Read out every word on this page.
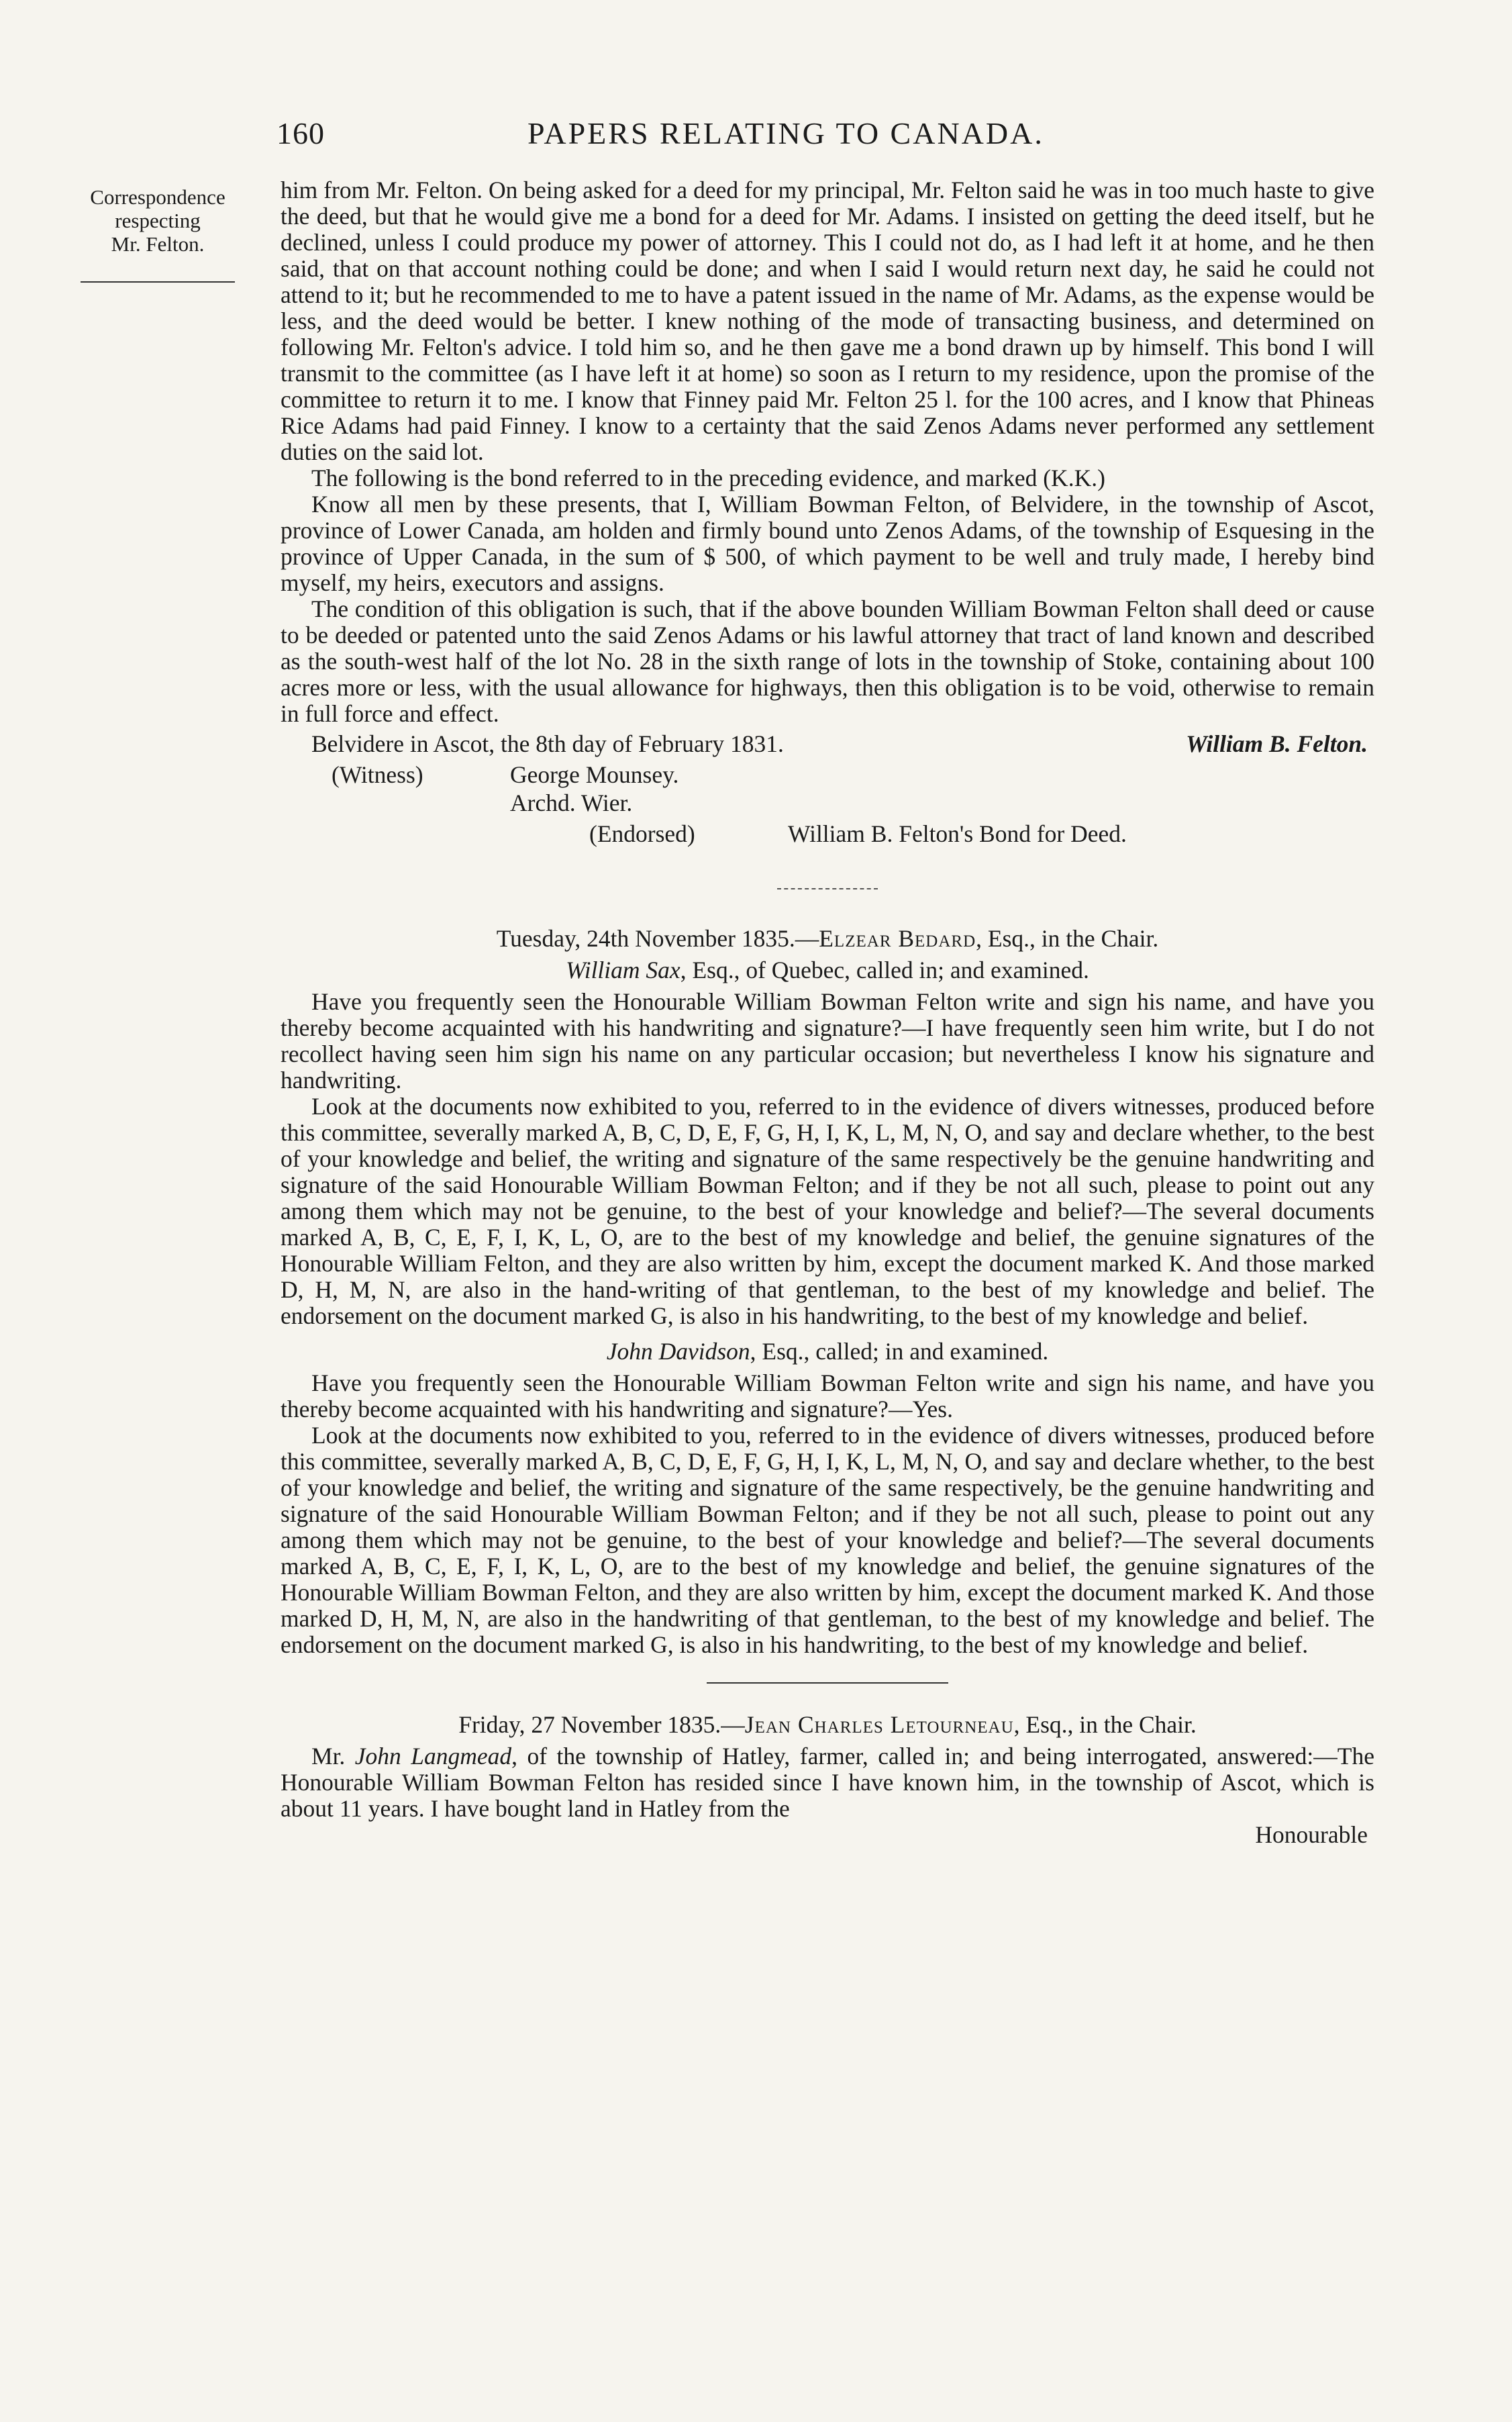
160	PAPERS RELATING TO CANADA.
Correspondence
respecting
Mr. Felton.

him from Mr. Felton. On being asked for a deed for my principal, Mr. Felton said he was in too much haste to give the deed, but that he would give me a bond for a deed for Mr. Adams. I insisted on getting the deed itself, but he declined, unless I could produce my power of attorney. This I could not do, as I had left it at home, and he then said, that on that account nothing could be done; and when I said I would return next day, he said he could not attend to it; but he recommended to me to have a patent issued in the name of Mr. Adams, as the expense would be less, and the deed would be better. I knew nothing of the mode of transacting business, and determined on following Mr. Felton's advice. I told him so, and he then gave me a bond drawn up by himself. This bond I will transmit to the committee (as I have left it at home) so soon as I return to my residence, upon the promise of the committee to return it to me. I know that Finney paid Mr. Felton 25 l. for the 100 acres, and I know that Phineas Rice Adams had paid Finney. I know to a certainty that the said Zenos Adams never performed any settlement duties on the said lot.

The following is the bond referred to in the preceding evidence, and marked (K.K.)

Know all men by these presents, that I, William Bowman Felton, of Belvidere, in the township of Ascot, province of Lower Canada, am holden and firmly bound unto Zenos Adams, of the township of Esquesing in the province of Upper Canada, in the sum of $ 500, of which payment to be well and truly made, I hereby bind myself, my heirs, executors and assigns.

The condition of this obligation is such, that if the above bounden William Bowman Felton shall deed or cause to be deeded or patented unto the said Zenos Adams or his lawful attorney that tract of land known and described as the south-west half of the lot No. 28 in the sixth range of lots in the township of Stoke, containing about 100 acres more or less, with the usual allowance for highways, then this obligation is to be void, otherwise to remain in full force and effect.

Belvidere in Ascot, the 8th day of February 1831.	William B. Felton.
(Witness)	George Mounsey.
Archd. Wier.
(Endorsed)	William B. Felton's Bond for Deed.
Tuesday, 24th November 1835.—Elzear Bedard, Esq., in the Chair.
William Sax, Esq., of Quebec, called in; and examined.

Have you frequently seen the Honourable William Bowman Felton write and sign his name, and have you thereby become acquainted with his handwriting and signature?—I have frequently seen him write, but I do not recollect having seen him sign his name on any particular occasion; but nevertheless I know his signature and handwriting.

Look at the documents now exhibited to you, referred to in the evidence of divers witnesses, produced before this committee, severally marked A, B, C, D, E, F, G, H, I, K, L, M, N, O, and say and declare whether, to the best of your knowledge and belief, the writing and signature of the same respectively be the genuine handwriting and signature of the said Honourable William Bowman Felton; and if they be not all such, please to point out any among them which may not be genuine, to the best of your knowledge and belief?—The several documents marked A, B, C, E, F, I, K, L, O, are to the best of my knowledge and belief, the genuine signatures of the Honourable William Felton, and they are also written by him, except the document marked K. And those marked D, H, M, N, are also in the hand-writing of that gentleman, to the best of my knowledge and belief. The endorsement on the document marked G, is also in his handwriting, to the best of my knowledge and belief.

John Davidson, Esq., called; in and examined.

Have you frequently seen the Honourable William Bowman Felton write and sign his name, and have you thereby become acquainted with his handwriting and signature?—Yes.

Look at the documents now exhibited to you, referred to in the evidence of divers witnesses, produced before this committee, severally marked A, B, C, D, E, F, G, H, I, K, L, M, N, O, and say and declare whether, to the best of your knowledge and belief, the writing and signature of the same respectively, be the genuine handwriting and signature of the said Honourable William Bowman Felton; and if they be not all such, please to point out any among them which may not be genuine, to the best of your knowledge and belief?—The several documents marked A, B, C, E, F, I, K, L, O, are to the best of my knowledge and belief, the genuine signatures of the Honourable William Bowman Felton, and they are also written by him, except the document marked K. And those marked D, H, M, N, are also in the handwriting of that gentleman, to the best of my knowledge and belief. The endorsement on the document marked G, is also in his handwriting, to the best of my knowledge and belief.

Friday, 27 November 1835.—Jean Charles Letourneau, Esq., in the Chair.

Mr. John Langmead, of the township of Hatley, farmer, called in; and being interrogated, answered:—The Honourable William Bowman Felton has resided since I have known him, in the township of Ascot, which is about 11 years. I have bought land in Hatley from the

Honourable
